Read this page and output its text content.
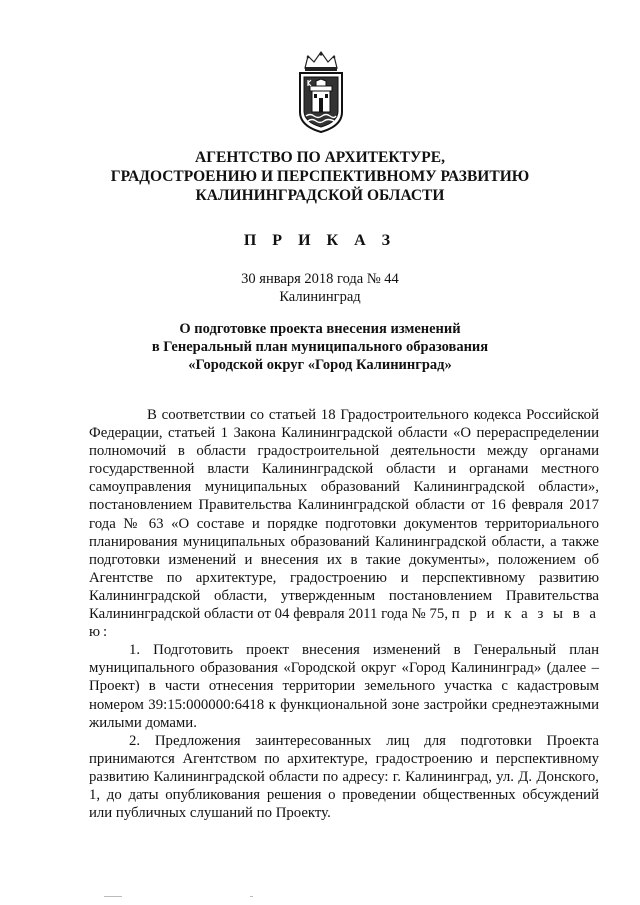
АГЕНТСТВО ПО АРХИТЕКТУРЕ,
ГРАДОСТРОЕНИЮ И ПЕРСПЕКТИВНОМУ РАЗВИТИЮ
КАЛИНИНГРАДСКОЙ ОБЛАСТИ
П Р И К А З
30 января 2018 года № 44
Калининград
О подготовке проекта внесения изменений
в Генеральный план муниципального образования
«Городской округ «Город Калининград»

В соответствии со статьей 18 Градостроительного кодекса Российской Федерации, статьей 1 Закона Калининградской области «О перераспределении полномочий в области градостроительной деятельности между органами государственной власти Калининградской области и органами местного самоуправления муниципальных образований Калининградской области», постановлением Правительства Калининградской области от 16 февраля 2017 года № 63 «О составе и порядке подготовки документов территориального планирования муниципальных образований Калининградской области, а также подготовки изменений и внесения их в такие документы», положением об Агентстве по архитектуре, градостроению и перспективному развитию Калининградской области, утвержденным постановлением Правительства Калининградской области от 04 февраля 2011 года № 75, п р и к а з ы в а ю:

1. Подготовить проект внесения изменений в Генеральный план муниципального образования «Городской округ «Город Калининград» (далее – Проект) в части отнесения территории земельного участка с кадастровым номером 39:15:000000:6418 к функциональной зоне застройки среднеэтажными жилыми домами.

2. Предложения заинтересованных лиц для подготовки Проекта принимаются Агентством по архитектуре, градостроению и перспективному развитию Калининградской области по адресу: г. Калининград, ул. Д. Донского, 1, до даты опубликования решения о проведении общественных обсуждений или публичных слушаний по Проекту.
